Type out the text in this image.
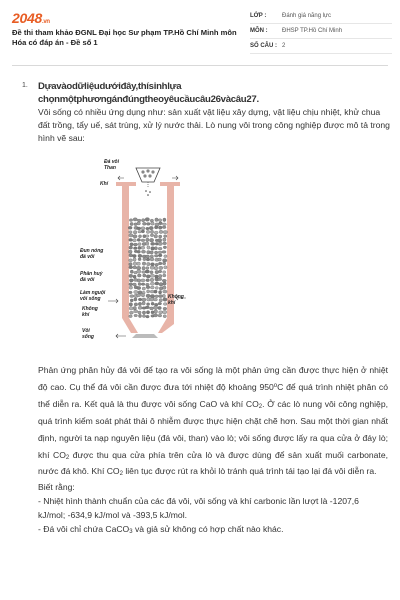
2048.vn
Đề thi tham khảo ĐGNL Đại học Sư phạm TP.Hồ Chí Minh môn Hóa có đáp án - Đề số 1
LỚP :	Đánh giá năng lực
MÔN :	ĐHSP TP.Hồ Chí Minh
SỐ CÂU : 2
1. Dựavàodữliệudướiđây,thísinhlựa
chọnmộtphươngánđúngtheoyêucầucâu26vàcâu27.
Vôi sống có nhiều ứng dụng như: sản xuất vật liệu xây dựng, vật liệu chịu nhiệt, khử chua đất trồng, tẩy uế, sát trùng, xử lý nước thải. Lò nung vôi trong công nghiệp được mô tả trong hình vẽ sau:
Đá vôi
Than
Khí
Đun nóng
đá vôi
Phân huỷ
đá vôi
Làm nguội
vôi sống
Không
khí
Không
khí
Vôi
sống
Phản ứng phân hủy đá vôi để tạo ra vôi sống là một phản ứng cần được thực hiện ở nhiệt độ cao. Cụ thể đá vôi cần được đưa tới nhiệt độ khoảng 950$^o$C để quá trình nhiệt phân có thể diễn ra. Kết quả là thu được vôi sống CaO và khí $CO_2$. Ở các lò nung vôi công nghiệp, quá trình kiểm soát phát thải ô nhiễm được thực hiện chặt chẽ hơn. Sau một thời gian nhất định, người ta nạp nguyên liệu (đá vôi, than) vào lò; vôi sống được lấy ra qua cửa ở đáy lò; khí $CO_2$ được thu qua cửa phía trên cửa lò và được dùng để sản xuất muối carbonate, nước đá khô. Khí $CO_2$ liên tục được rút ra khỏi lò tránh quá trình tái tạo lại đá vôi diễn ra.
Biết rằng:
- Nhiệt hình thành chuẩn của các đá vôi, vôi sống và khí carbonic lần lượt là -1207,6 kJ/mol; -634,9 kJ/mol và -393,5 kJ/mol.
- Đá vôi chỉ chứa CaCO$_3$ và giả sử không có hợp chất nào khác.
